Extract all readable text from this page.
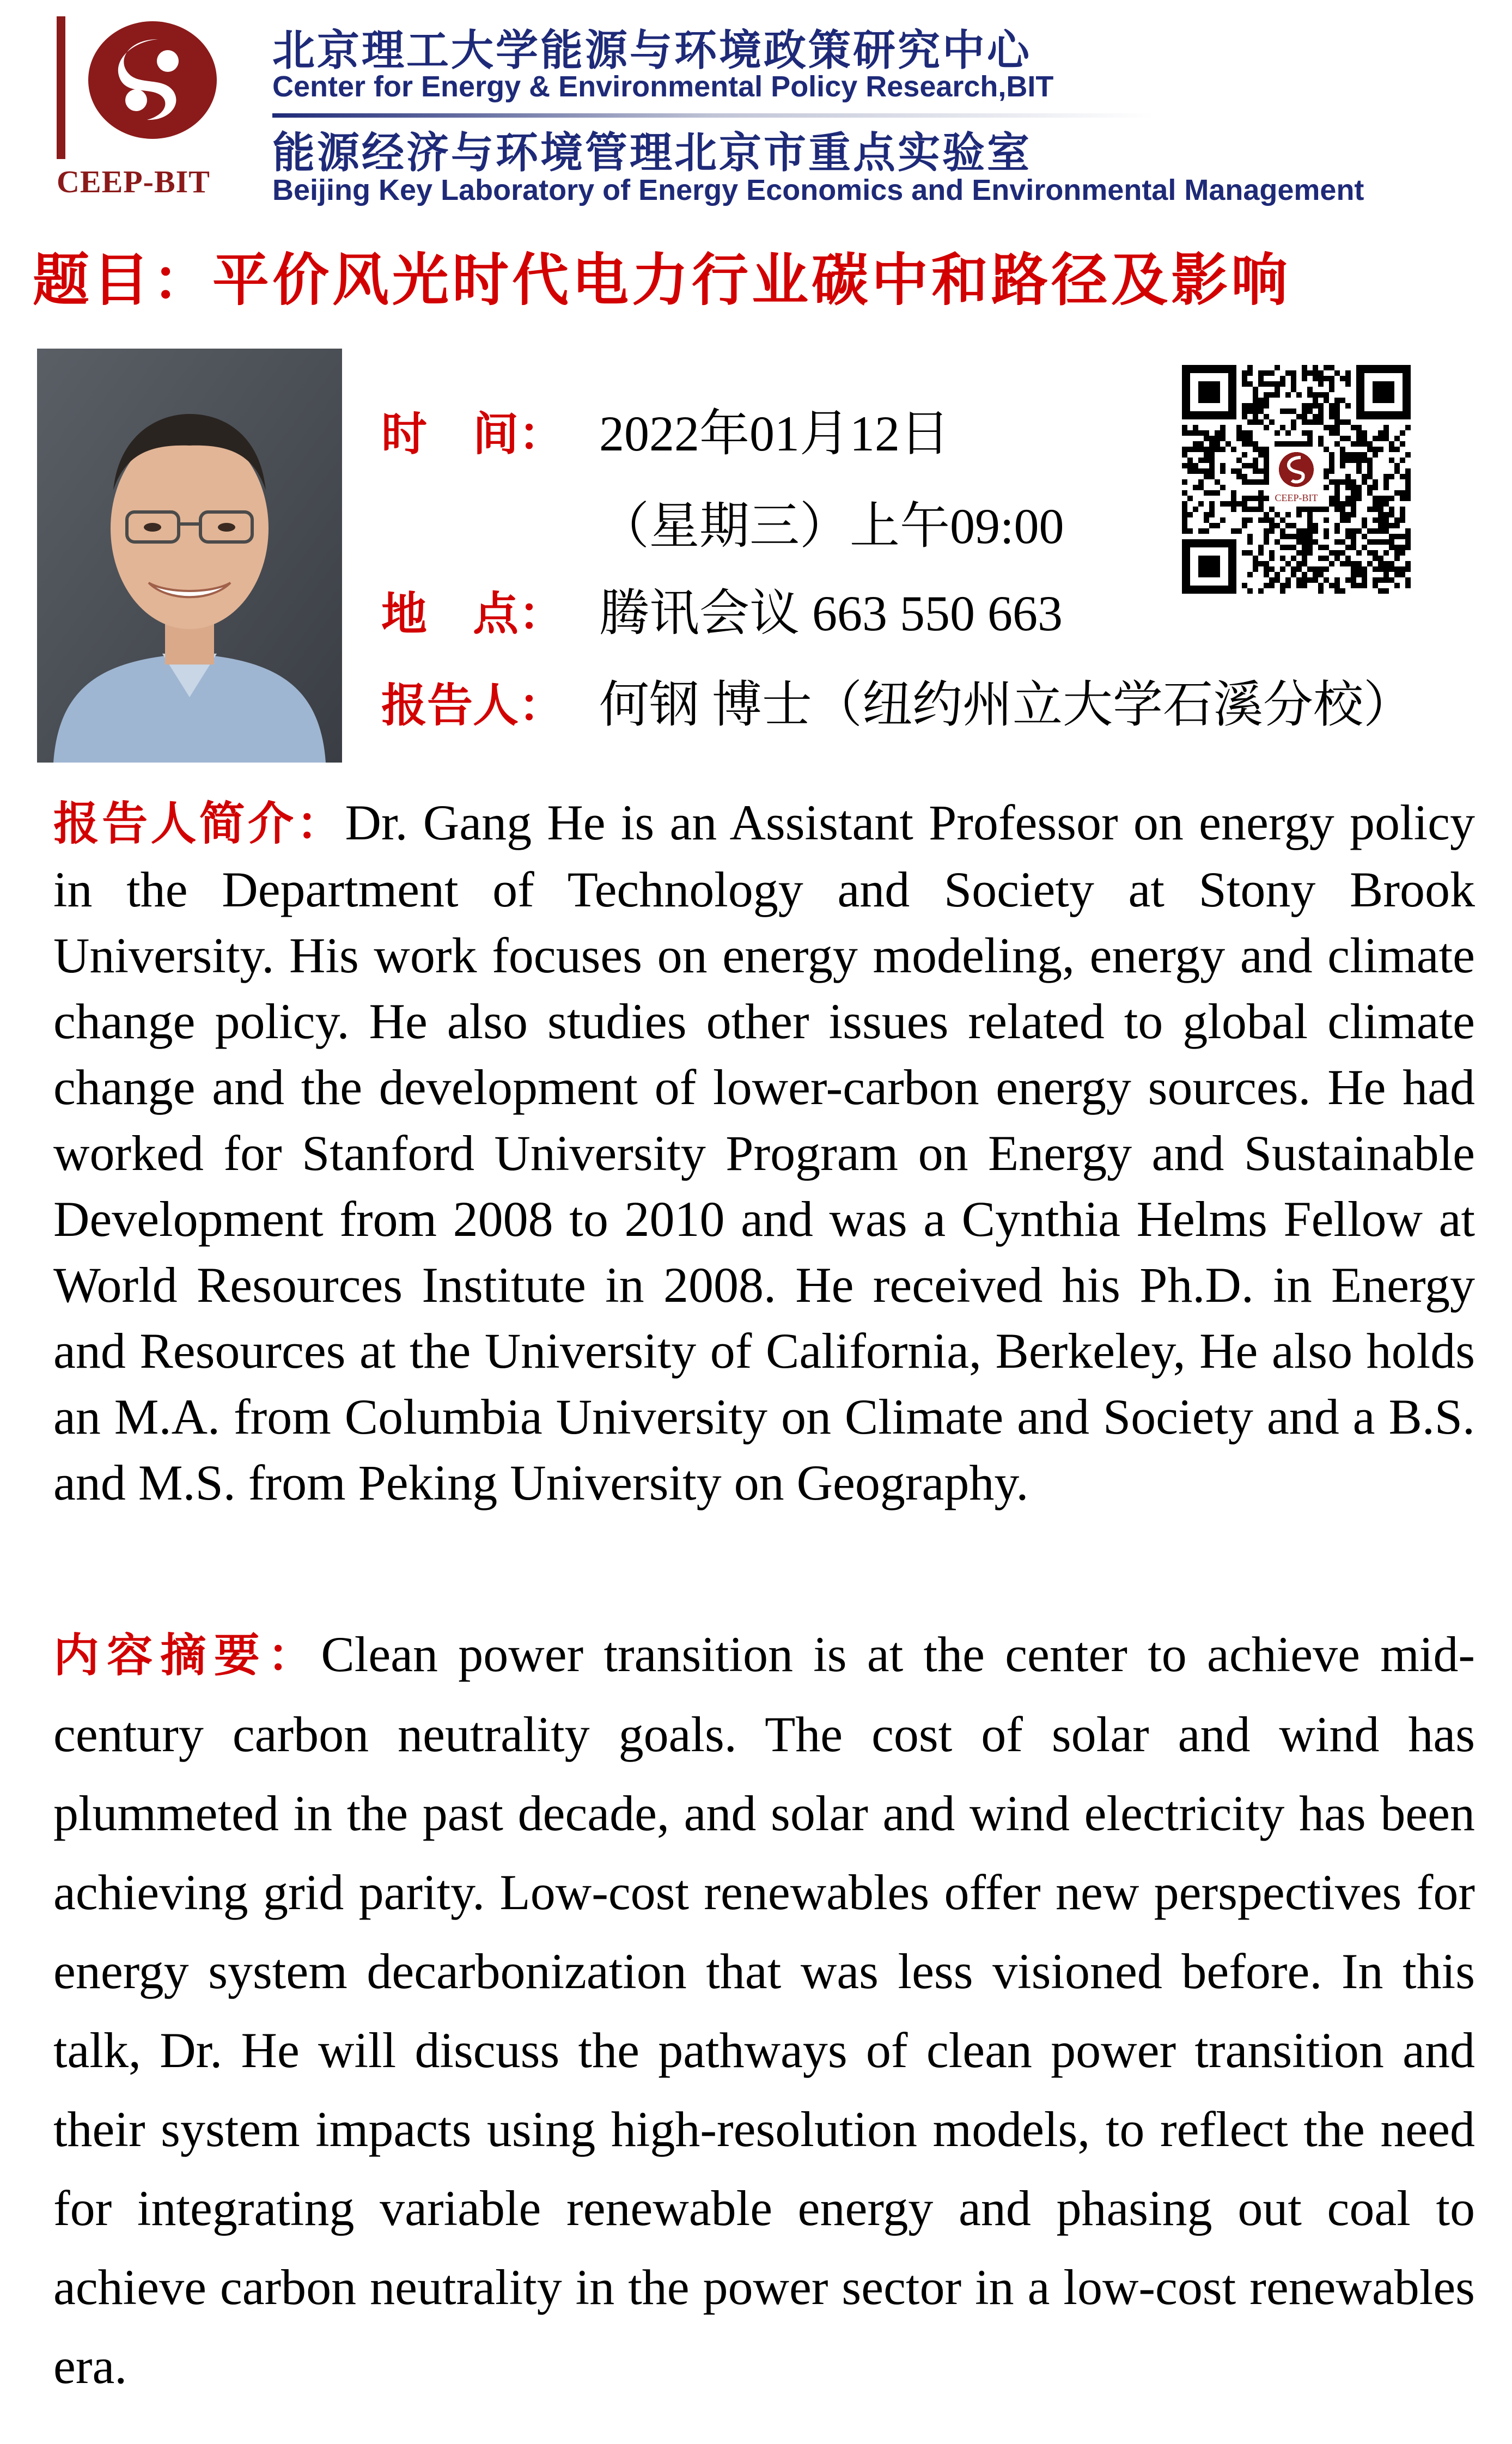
CEEP-BIT
北京理工大学能源与环境政策研究中心
Center for Energy & Environmental Policy Research,BIT
能源经济与环境管理北京市重点实验室
Beijing Key Laboratory of Energy Economics and Environmental Management
题目：平价风光时代电力行业碳中和路径及影响
时　间： 2022年01月12日
（星期三）上午09:00
地　点： 腾讯会议 663 550 663
报告人： 何钢 博士（纽约州立大学石溪分校）
CEEP-BIT
报告人简介：Dr. Gang He is an Assistant Professor on energy policy in the Department of Technology and Society at Stony Brook University. His work focuses on energy modeling, energy and climate change policy. He also studies other issues related to global climate change and the development of lower-carbon energy sources. He had worked for Stanford University Program on Energy and Sustainable Development from 2008 to 2010 and was a Cynthia Helms Fellow at World Resources Institute in 2008. He received his Ph.D. in Energy and Resources at the University of California, Berkeley, He also holds an M.A. from Columbia University on Climate and Society and a B.S. and M.S. from Peking University on Geography.
内容摘要：Clean power transition is at the center to achieve mid-century carbon neutrality goals. The cost of solar and wind has plummeted in the past decade, and solar and wind electricity has been achieving grid parity. Low-cost renewables offer new perspectives for energy system decarbonization that was less visioned before. In this talk, Dr. He will discuss the pathways of clean power transition and their system impacts using high-resolution models, to reflect the need for integrating variable renewable energy and phasing out coal to achieve carbon neutrality in the power sector in a low-cost renewables era.
